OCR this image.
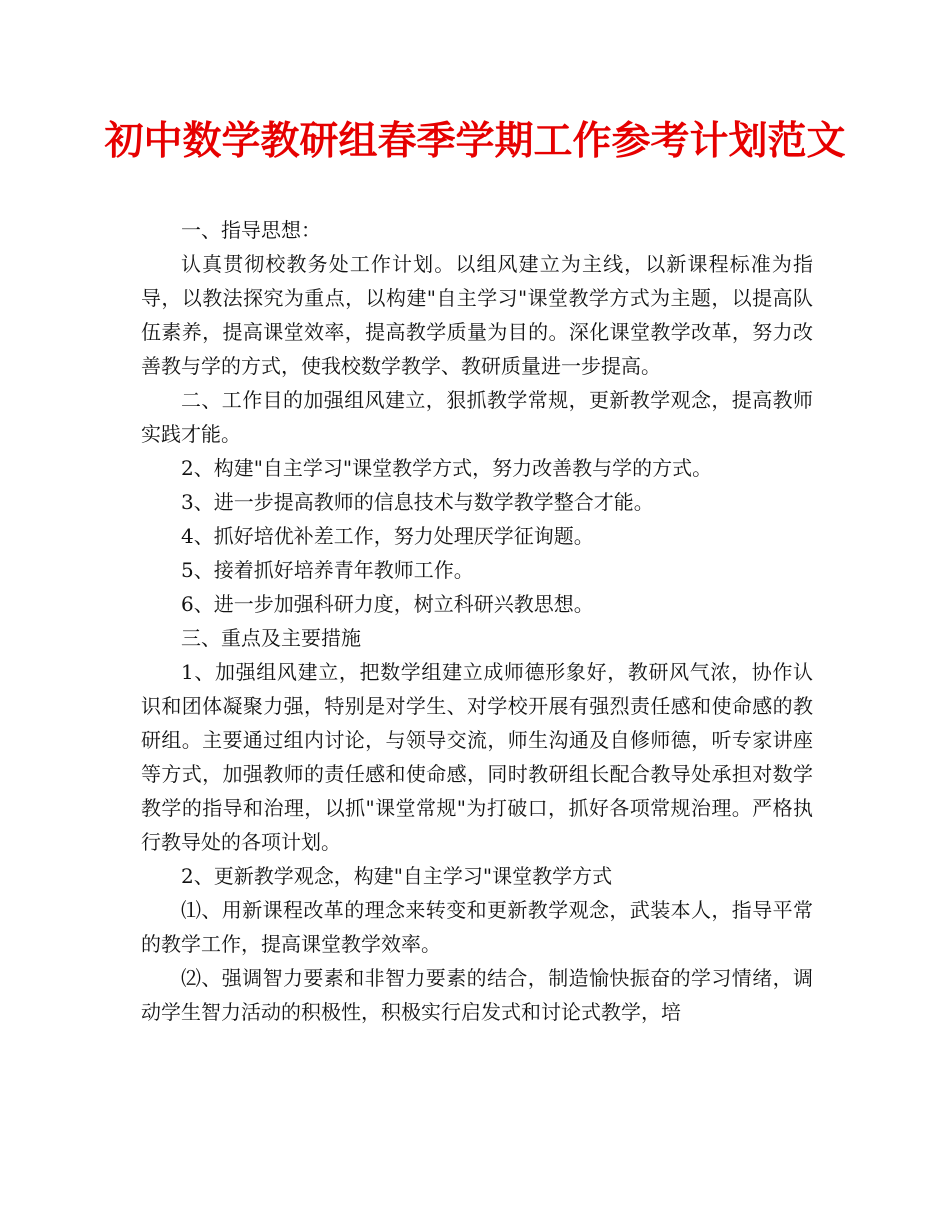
初中数学教研组春季学期工作参考计划范文

一、指导思想：

认真贯彻校教务处工作计划。以组风建立为主线，以新课程标准为指导，以教法探究为重点，以构建"自主学习"课堂教学方式为主题，以提高队伍素养，提高课堂效率，提高教学质量为目的。深化课堂教学改革，努力改善教与学的方式，使我校数学教学、教研质量进一步提高。

二、工作目的加强组风建立，狠抓教学常规，更新教学观念，提高教师实践才能。

2、构建"自主学习"课堂教学方式，努力改善教与学的方式。

3、进一步提高教师的信息技术与数学教学整合才能。

4、抓好培优补差工作，努力处理厌学征询题。

5、接着抓好培养青年教师工作。

6、进一步加强科研力度，树立科研兴教思想。

三、重点及主要措施

1、加强组风建立，把数学组建立成师德形象好，教研风气浓，协作认识和团体凝聚力强，特别是对学生、对学校开展有强烈责任感和使命感的教研组。主要通过组内讨论，与领导交流，师生沟通及自修师德，听专家讲座等方式，加强教师的责任感和使命感，同时教研组长配合教导处承担对数学教学的指导和治理，以抓"课堂常规"为打破口，抓好各项常规治理。严格执行教导处的各项计划。

2、更新教学观念，构建"自主学习"课堂教学方式

⑴、用新课程改革的理念来转变和更新教学观念，武装本人，指导平常的教学工作，提高课堂教学效率。

⑵、强调智力要素和非智力要素的结合，制造愉快振奋的学习情绪，调动学生智力活动的积极性，积极实行启发式和讨论式教学，培
